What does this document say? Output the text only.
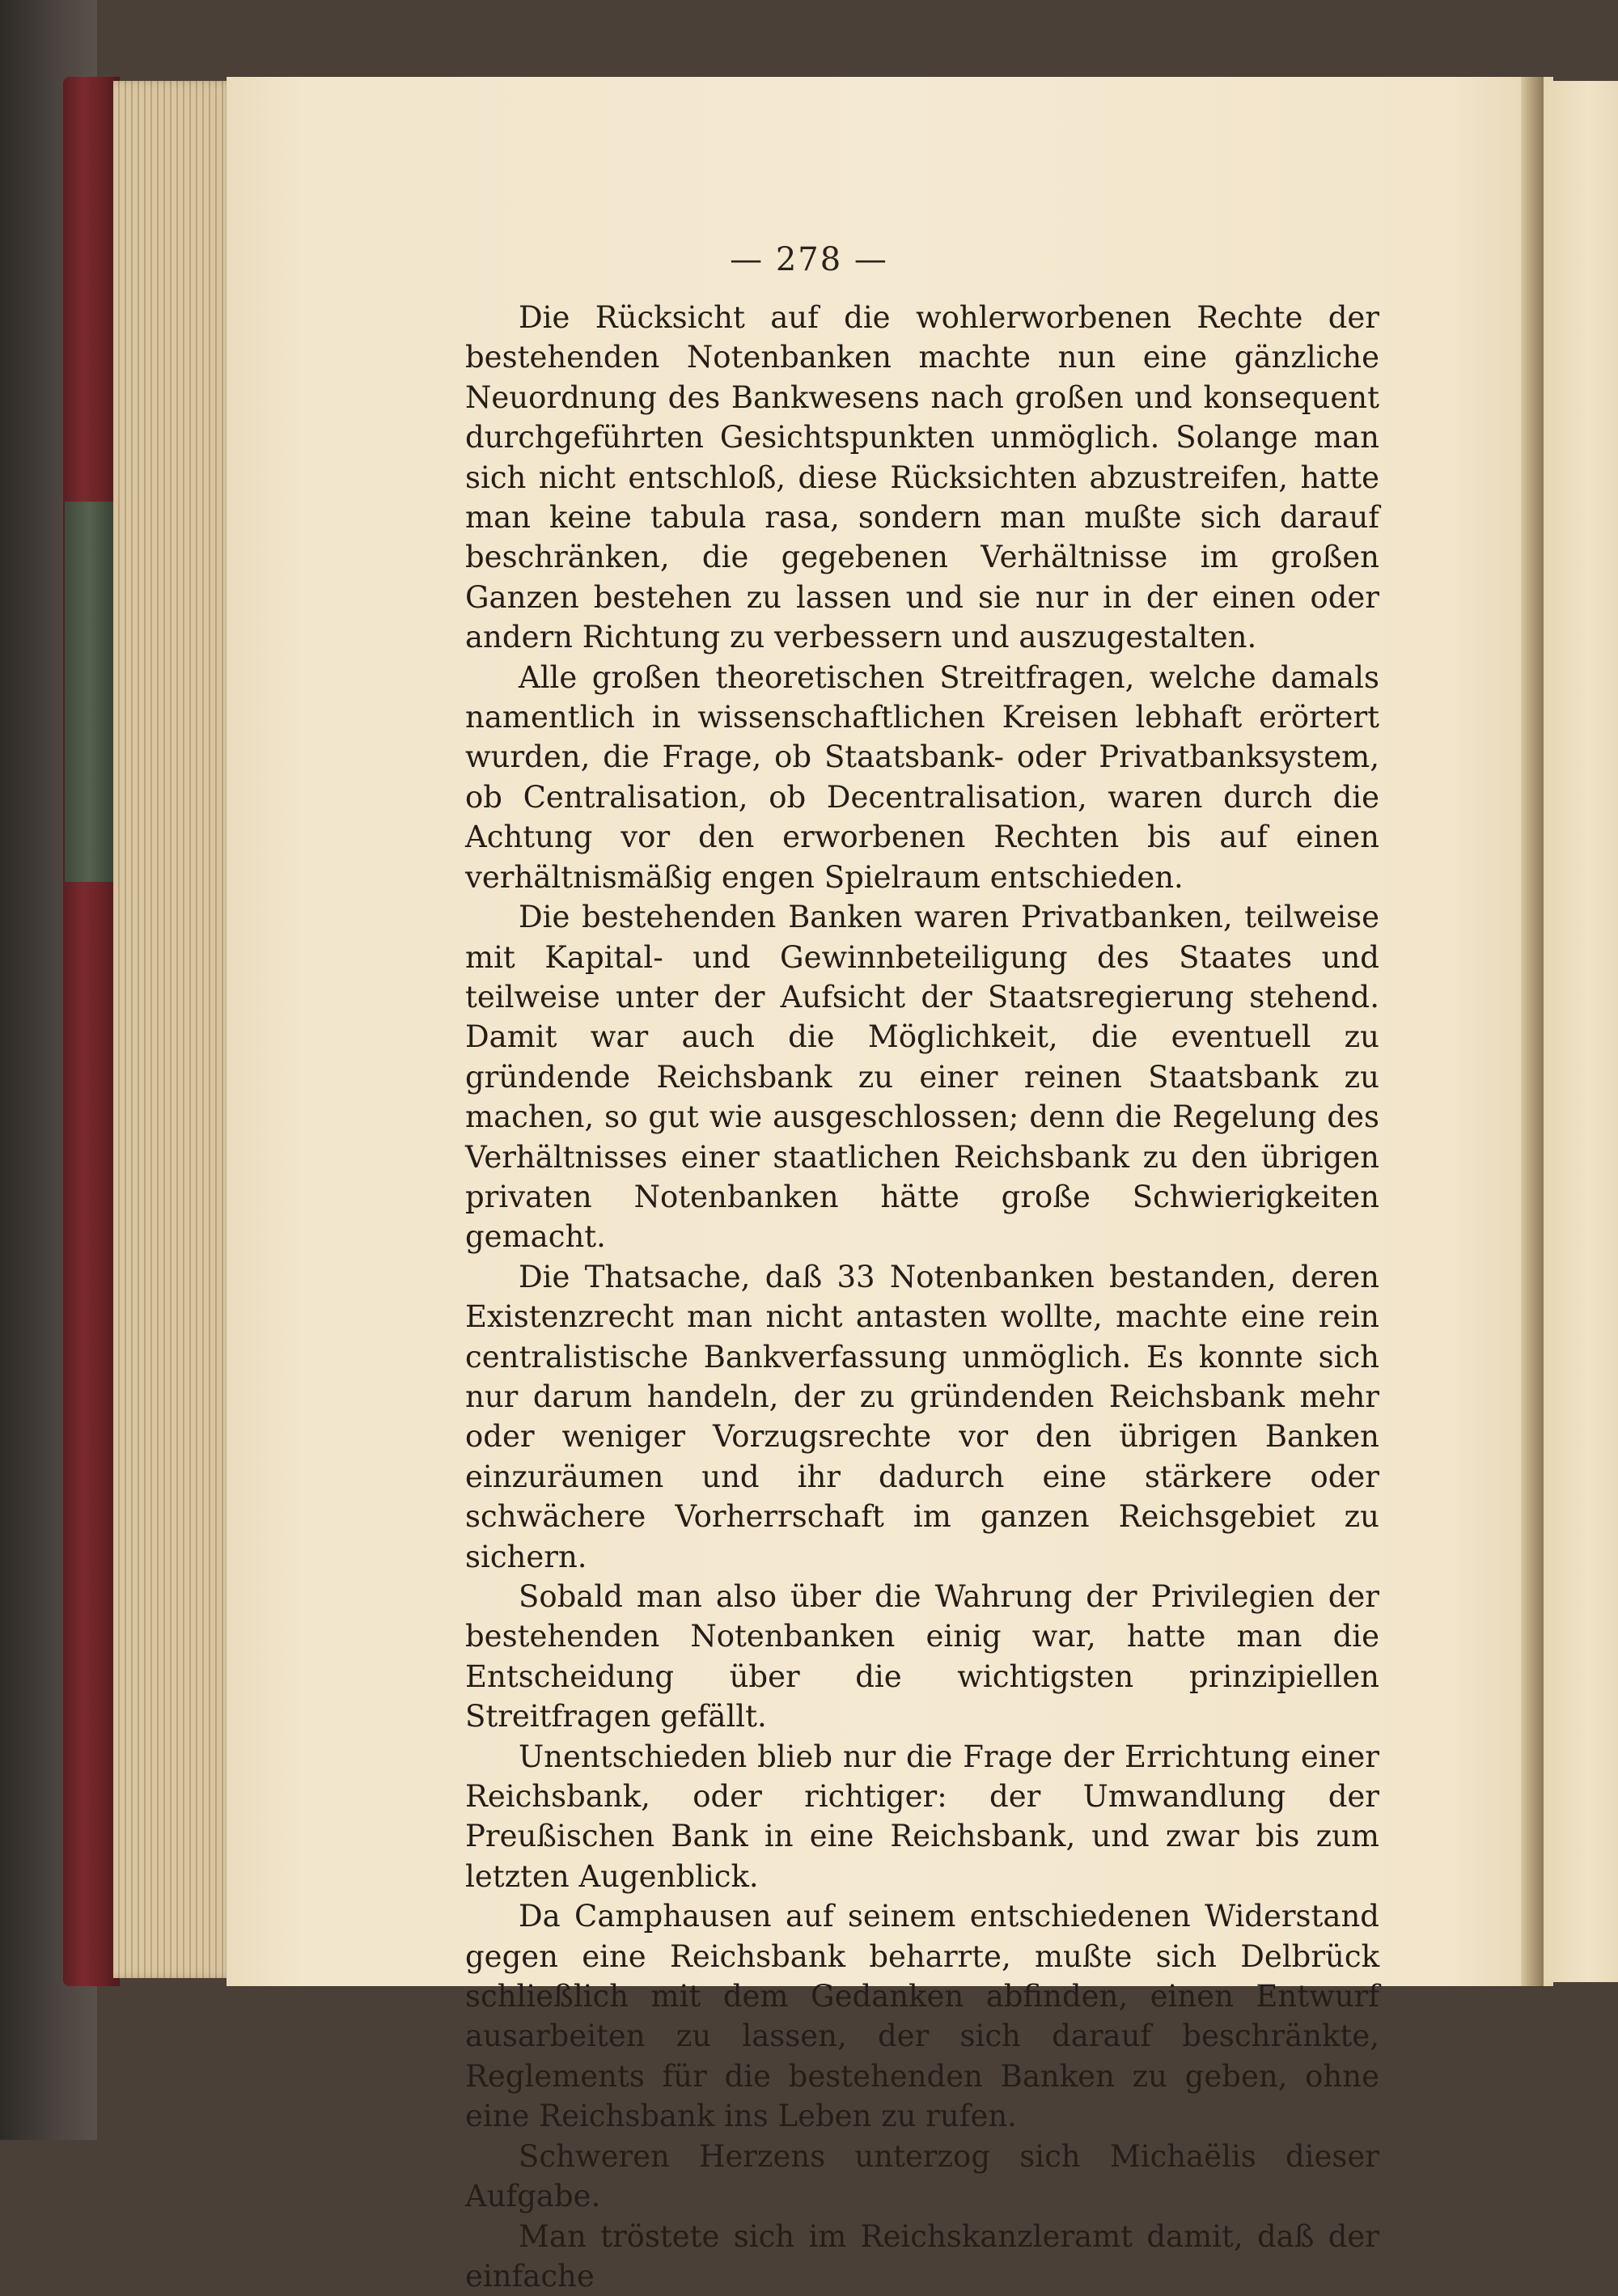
— 278 —

Die Rücksicht auf die wohlerworbenen Rechte der bestehenden Notenbanken machte nun eine gänzliche Neuordnung des Bankwesens nach großen und konsequent durchgeführten Gesichtspunkten unmöglich. Solange man sich nicht entschloß, diese Rücksichten abzustreifen, hatte man keine tabula rasa, sondern man mußte sich darauf beschränken, die gegebenen Verhältnisse im großen Ganzen bestehen zu lassen und sie nur in der einen oder andern Richtung zu verbessern und auszugestalten.

Alle großen theoretischen Streitfragen, welche damals namentlich in wissenschaftlichen Kreisen lebhaft erörtert wurden, die Frage, ob Staatsbank- oder Privatbanksystem, ob Centralisation, ob Decentralisation, waren durch die Achtung vor den erworbenen Rechten bis auf einen verhältnismäßig engen Spielraum entschieden.

Die bestehenden Banken waren Privatbanken, teilweise mit Kapital- und Gewinnbeteiligung des Staates und teilweise unter der Aufsicht der Staatsregierung stehend. Damit war auch die Möglichkeit, die eventuell zu gründende Reichsbank zu einer reinen Staatsbank zu machen, so gut wie ausgeschlossen; denn die Regelung des Verhältnisses einer staatlichen Reichsbank zu den übrigen privaten Notenbanken hätte große Schwierigkeiten gemacht.

Die Thatsache, daß 33 Notenbanken bestanden, deren Existenzrecht man nicht antasten wollte, machte eine rein centralistische Bankverfassung unmöglich. Es konnte sich nur darum handeln, der zu gründenden Reichsbank mehr oder weniger Vorzugsrechte vor den übrigen Banken einzuräumen und ihr dadurch eine stärkere oder schwächere Vorherrschaft im ganzen Reichsgebiet zu sichern.

Sobald man also über die Wahrung der Privilegien der bestehenden Notenbanken einig war, hatte man die Entscheidung über die wichtigsten prinzipiellen Streitfragen gefällt.

Unentschieden blieb nur die Frage der Errichtung einer Reichsbank, oder richtiger: der Umwandlung der Preußischen Bank in eine Reichsbank, und zwar bis zum letzten Augenblick.

Da Camphausen auf seinem entschiedenen Widerstand gegen eine Reichsbank beharrte, mußte sich Delbrück schließlich mit dem Gedanken abfinden, einen Entwurf ausarbeiten zu lassen, der sich darauf beschränkte, Reglements für die bestehenden Banken zu geben, ohne eine Reichsbank ins Leben zu rufen.

Schweren Herzens unterzog sich Michaëlis dieser Aufgabe.

Man tröstete sich im Reichskanzleramt damit, daß der einfache
